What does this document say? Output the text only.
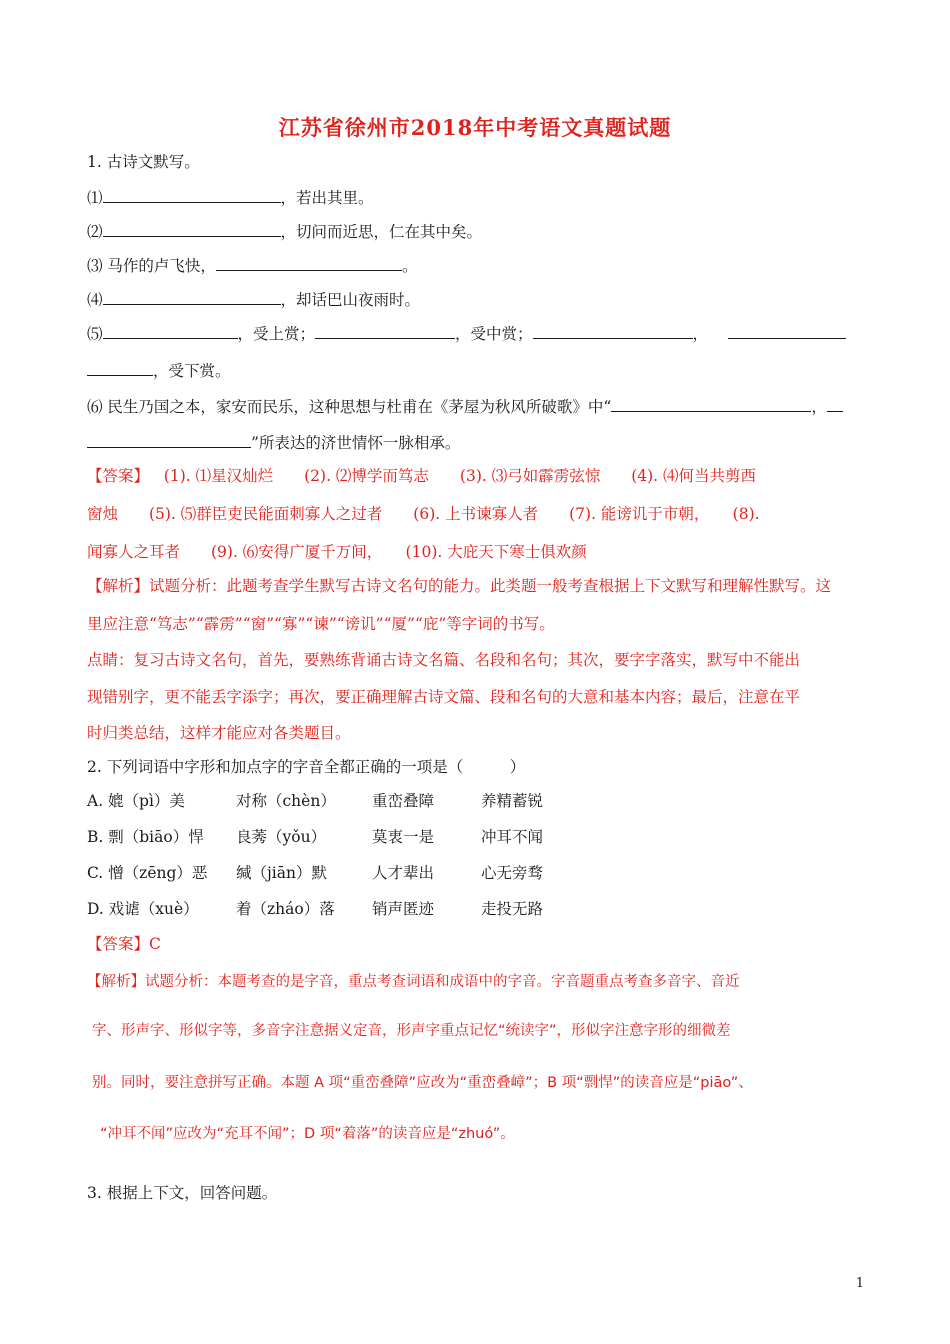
江苏省徐州市2018年中考语文真题试题
1. 古诗文默写。
⑴	，若出其里。
⑵	，切问而近思，仁在其中矣。
⑶ 马作的卢飞快，	。
⑷	，却话巴山夜雨时。
⑸	，受上赏；	，受中赏；	，
，受下赏。
⑹ 民生乃国之本，家安而民乐，这种思想与杜甫在《茅屋为秋风所破歌》中“	，
”所表达的济世情怀一脉相承。
【答案】 (1). ⑴星汉灿烂　　(2). ⑵博学而笃志　　(3). ⑶弓如霹雳弦惊　　(4). ⑷何当共剪西
窗烛　　(5). ⑸群臣吏民能面刺寡人之过者　　(6). 上书谏寡人者　　(7). 能谤讥于市朝，　　(8).
闻寡人之耳者　　(9). ⑹安得广厦千万间，　　(10). 大庇天下寒士俱欢颜
【解析】试题分析：此题考查学生默写古诗文名句的能力。此类题一般考查根据上下文默写和理解性默写。这
里应注意“笃志”“霹雳”“窗”“寡”“谏”“谤讥”“厦”“庇”等字词的书写。
点睛：复习古诗文名句，首先，要熟练背诵古诗文名篇、名段和名句；其次，要字字落实，默写中不能出
现错别字，更不能丢字添字；再次，要正确理解古诗文篇、段和名句的大意和基本内容；最后，注意在平
时归类总结，这样才能应对各类题目。
2. 下列词语中字形和加点字的字音全都正确的一项是（　　　）
A. 媲（pì）美	对称（chèn） 重峦叠障	养精蓄锐
B. 剽（biāo）悍 良莠（yǒu）	莫衷一是	冲耳不闻
C. 憎（zēng）恶 缄（jiān）默	人才辈出	心无旁骛
D. 戏谑（xuè） 着（zháo）落 销声匿迹	走投无路
【答案】C
【解析】试题分析：本题考查的是字音，重点考查词语和成语中的字音。字音题重点考查多音字、音近
字、形声字、形似字等，多音字注意据义定音，形声字重点记忆“统读字”，形似字注意字形的细微差
别。同时，要注意拼写正确。本题 A 项“重峦叠障”应改为“重峦叠嶂”；B 项“剽悍”的读音应是“piāo”、
“冲耳不闻”应改为“充耳不闻”；D 项“着落”的读音应是“zhuó”。
3. 根据上下文，回答问题。
1
